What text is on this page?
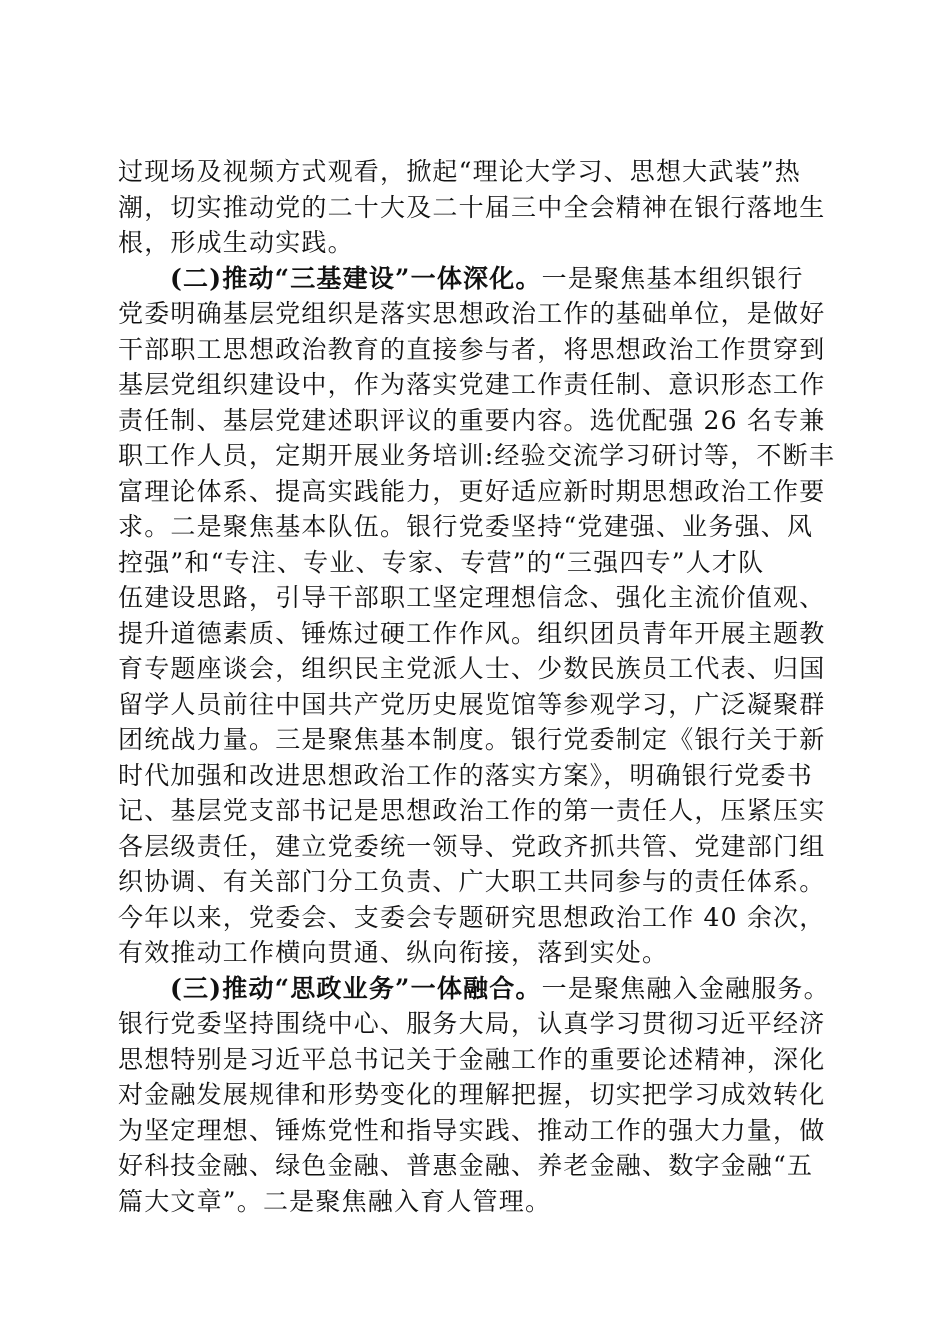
过现场及视频方式观看，掀起“理论大学习、思想大武装”热
潮，切实推动党的二十大及二十届三中全会精神在银行落地生
根，形成生动实践。
(二)推动“三基建设”一体深化。一是聚焦基本组织银行
党委明确基层党组织是落实思想政治工作的基础单位，是做好
干部职工思想政治教育的直接参与者，将思想政治工作贯穿到
基层党组织建设中，作为落实党建工作责任制、意识形态工作
责任制、基层党建述职评议的重要内容。选优配强 26 名专兼
职工作人员，定期开展业务培训:经验交流学习研讨等，不断丰
富理论体系、提高实践能力，更好适应新时期思想政治工作要
求。二是聚焦基本队伍。银行党委坚持“党建强、业务强、风
控强”和“专注、专业、专家、专营”的“三强四专”人才队
伍建设思路，引导干部职工坚定理想信念、强化主流价值观、
提升道德素质、锤炼过硬工作作风。组织团员青年开展主题教
育专题座谈会，组织民主党派人士、少数民族员工代表、归国
留学人员前往中国共产党历史展览馆等参观学习，广泛凝聚群
团统战力量。三是聚焦基本制度。银行党委制定《银行关于新
时代加强和改进思想政治工作的落实方案》，明确银行党委书
记、基层党支部书记是思想政治工作的第一责任人，压紧压实
各层级责任，建立党委统一领导、党政齐抓共管、党建部门组
织协调、有关部门分工负责、广大职工共同参与的责任体系。
今年以来，党委会、支委会专题研究思想政治工作 40 余次，
有效推动工作横向贯通、纵向衔接，落到实处。
(三)推动“思政业务”一体融合。一是聚焦融入金融服务。
银行党委坚持围绕中心、服务大局，认真学习贯彻习近平经济
思想特别是习近平总书记关于金融工作的重要论述精神，深化
对金融发展规律和形势变化的理解把握，切实把学习成效转化
为坚定理想、锤炼党性和指导实践、推动工作的强大力量，做
好科技金融、绿色金融、普惠金融、养老金融、数字金融“五
篇大文章”。二是聚焦融入育人管理。
